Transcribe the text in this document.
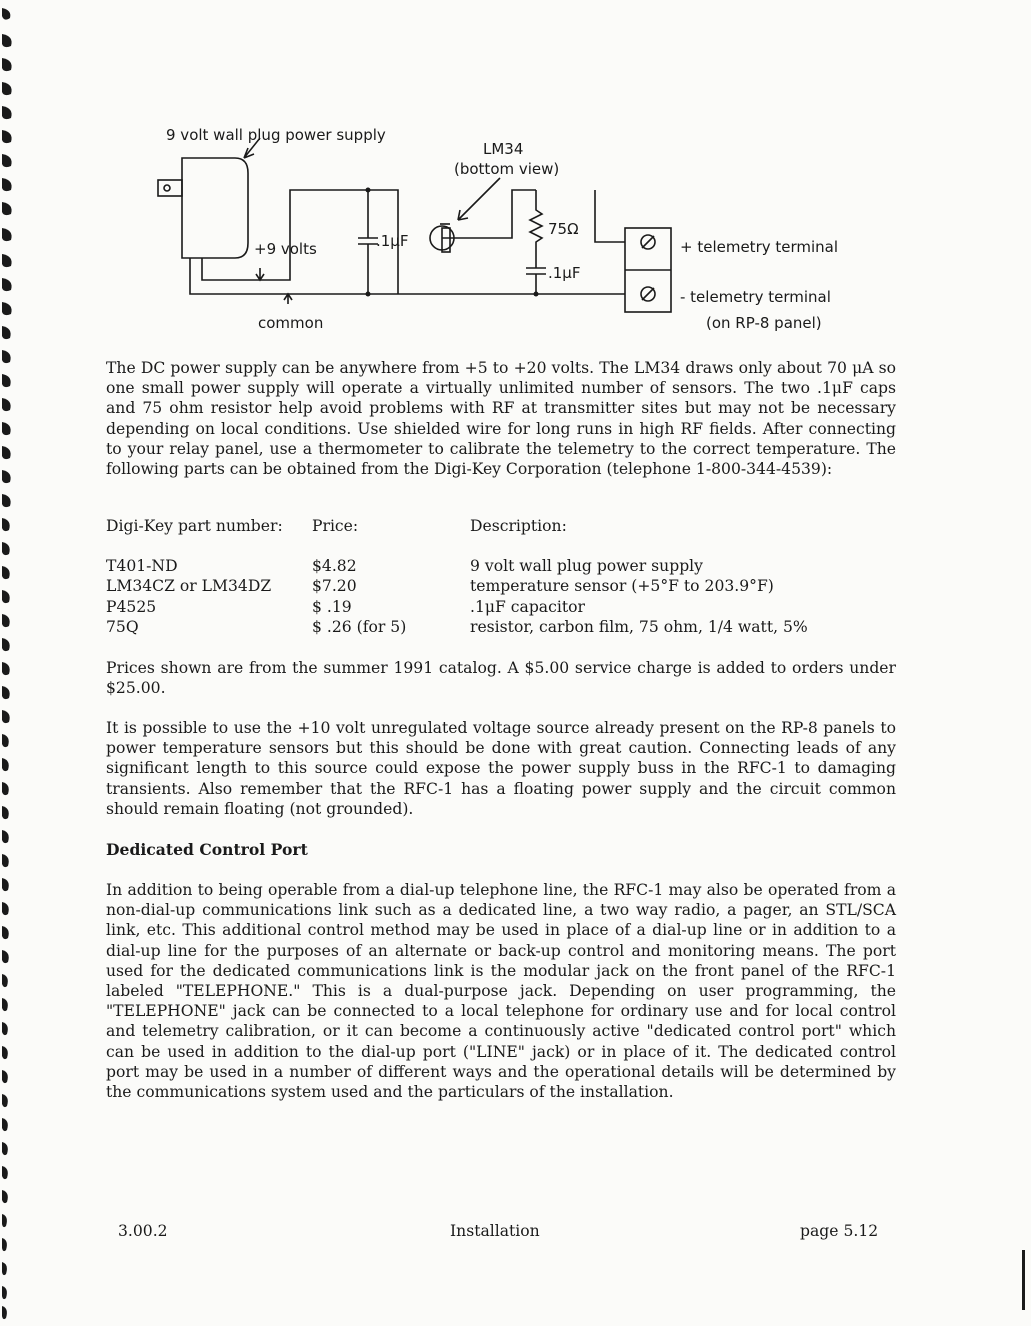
9 volt wall plug power supply
LM34
(bottom view)
+9 volts	.1μF
75Ω
.1μF
common
+ telemetry terminal
- telemetry terminal
(on RP-8 panel)
The DC power supply can be anywhere from +5 to +20 volts. The LM34 draws only about 70 μA so one small power supply will operate a virtually unlimited number of sensors. The two .1μF caps and 75 ohm resistor help avoid problems with RF at transmitter sites but may not be necessary depending on local conditions. Use shielded wire for long runs in high RF fields. After connecting to your relay panel, use a thermometer to calibrate the telemetry to the correct temperature. The following parts can be obtained from the Digi-Key Corporation (telephone 1-800-344-4539):
Digi-Key part number:	Price:	Description:
T401-ND	$4.82	9 volt wall plug power supply
LM34CZ or LM34DZ	$7.20	temperature sensor (+5°F to 203.9°F)
P4525	$ .19	.1μF capacitor
75Q	$ .26 (for 5)	resistor, carbon film, 75 ohm, 1/4 watt, 5%
Prices shown are from the summer 1991 catalog. A $5.00 service charge is added to orders under $25.00.
It is possible to use the +10 volt unregulated voltage source already present on the RP-8 panels to power temperature sensors but this should be done with great caution. Connecting leads of any significant length to this source could expose the power supply buss in the RFC-1 to damaging transients. Also remember that the RFC-1 has a floating power supply and the circuit common should remain floating (not grounded).
Dedicated Control Port
In addition to being operable from a dial-up telephone line, the RFC-1 may also be operated from a non-dial-up communications link such as a dedicated line, a two way radio, a pager, an STL/SCA link, etc. This additional control method may be used in place of a dial-up line or in addition to a dial-up line for the purposes of an alternate or back-up control and monitoring means. The port used for the dedicated communications link is the modular jack on the front panel of the RFC-1 labeled "TELEPHONE." This is a dual-purpose jack. Depending on user programming, the "TELEPHONE" jack can be connected to a local telephone for ordinary use and for local control and telemetry calibration, or it can become a continuously active "dedicated control port" which can be used in addition to the dial-up port ("LINE" jack) or in place of it. The dedicated control port may be used in a number of different ways and the operational details will be determined by the communications system used and the particulars of the installation.
3.00.2	Installation	page 5.12
